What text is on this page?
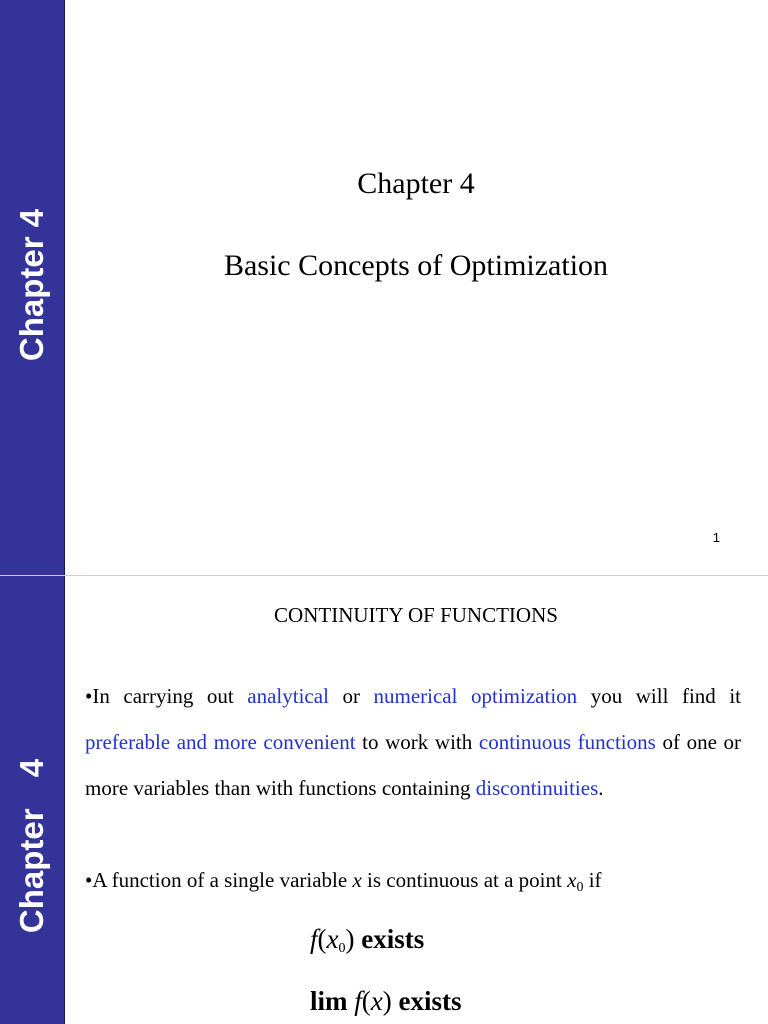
Chapter 4
Chapter 4
Basic Concepts of Optimization
1
Chapter 4
CONTINUITY OF FUNCTIONS
•In carrying out analytical or numerical optimization you will find it preferable and more convenient to work with continuous functions of one or more variables than with functions containing discontinuities.
•A function of a single variable x is continuous at a point $x_0$ if
$f(x_0)$ exists
lim f(x) exists
